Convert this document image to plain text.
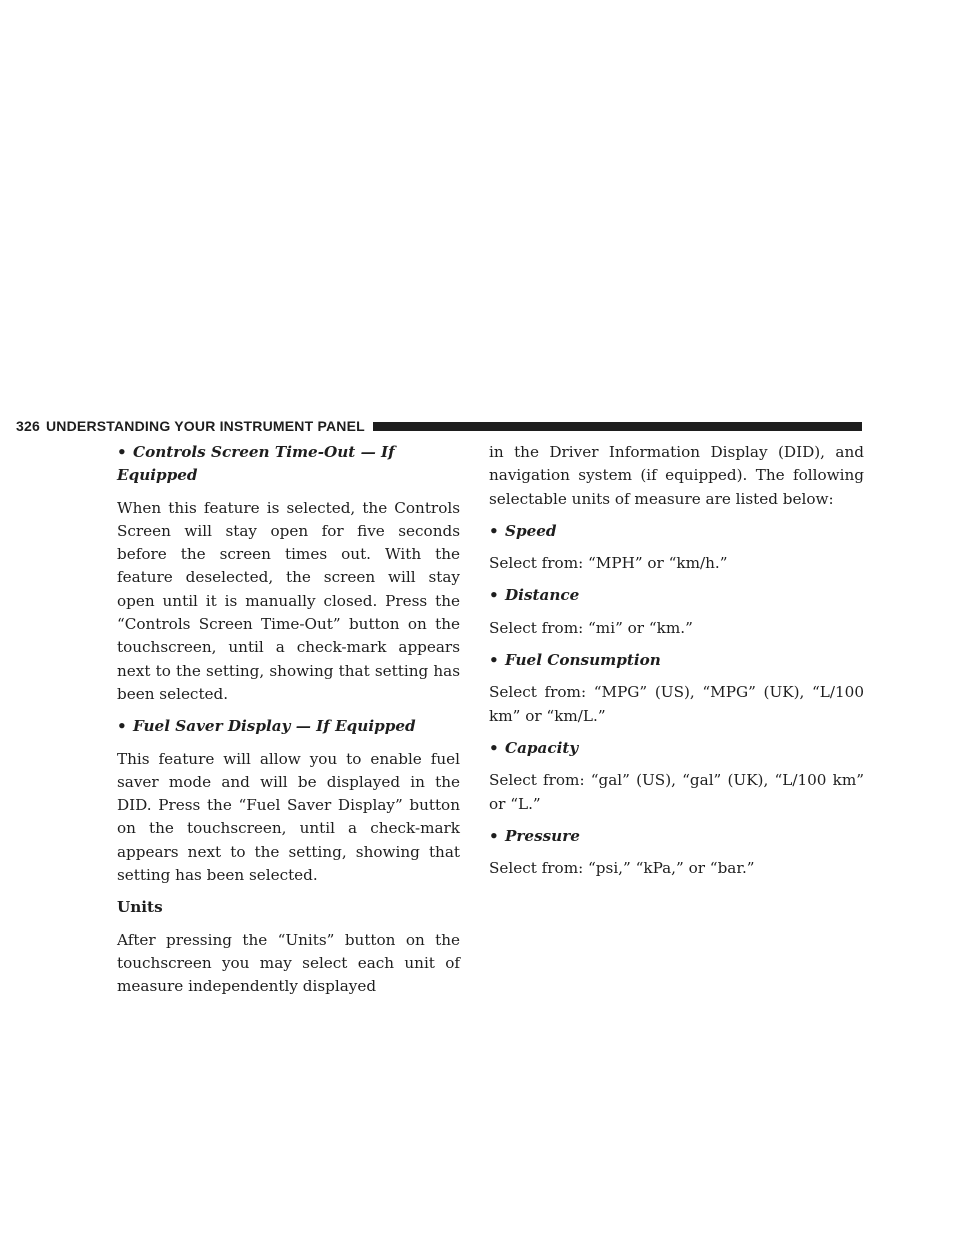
326 UNDERSTANDING YOUR INSTRUMENT PANEL
• Controls Screen Time-Out — If Equipped

When this feature is selected, the Controls Screen will stay open for five seconds before the screen times out. With the feature deselected, the screen will stay open until it is manually closed. Press the “Controls Screen Time-Out” button on the touchscreen, until a check-mark appears next to the setting, showing that setting has been selected.

• Fuel Saver Display — If Equipped

This feature will allow you to enable fuel saver mode and will be displayed in the DID. Press the “Fuel Saver Display” button on the touchscreen, until a check-mark appears next to the setting, showing that setting has been selected.

Units

After pressing the “Units” button on the touchscreen you may select each unit of measure independently displayed

in the Driver Information Display (DID), and navigation system (if equipped). The following selectable units of measure are listed below:

• Speed

Select from: “MPH” or “km/h.”

• Distance

Select from: “mi” or “km.”

• Fuel Consumption

Select from: “MPG” (US), “MPG” (UK), “L/100 km” or “km/L.”

• Capacity

Select from: “gal” (US), “gal” (UK), “L/100 km” or “L.”

• Pressure

Select from: “psi,” “kPa,” or “bar.”
